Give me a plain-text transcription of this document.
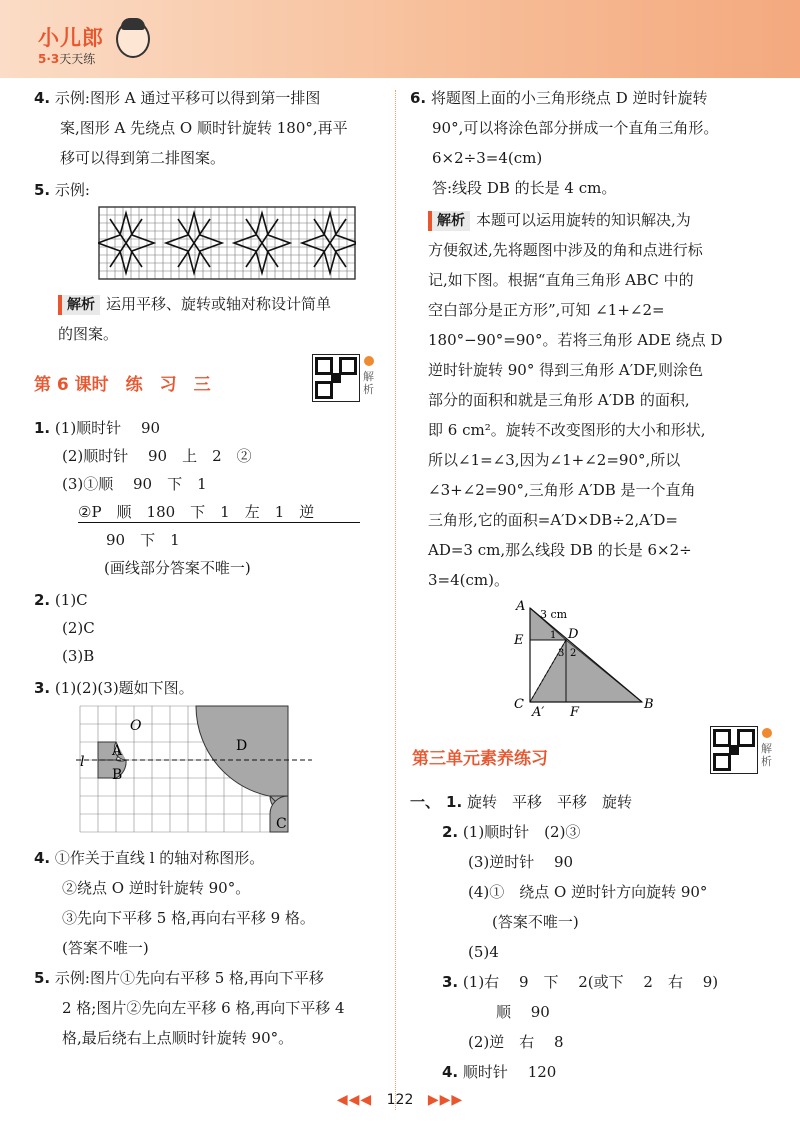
小儿郎
5·3天天练
4. 示例:图形 A 通过平移可以得到第一排图
案,图形 A 先绕点 O 顺时针旋转 180°,再平
移可以得到第二排图案。
5. 示例:
解析 运用平移、旋转或轴对称设计简单
的图案。
第 6 课时　练　习　三	解析
1. (1)顺时针　 90
(2)顺时针　 90　上　2　②
(3)①顺　 90　下　1
②P　顺　180　下　1　左　1　逆
90　下　1
(画线部分答案不唯一)
2. (1)C
(2)C
(3)B
3. (1)(2)(3)题如下图。
A
B
C
D
O
l
4. ①作关于直线 l 的轴对称图形。
②绕点 O 逆时针旋转 90°。
③先向下平移 5 格,再向右平移 9 格。
(答案不唯一)
5. 示例:图片①先向右平移 5 格,再向下平移
2 格;图片②先向左平移 6 格,再向下平移 4
格,最后绕右上点顺时针旋转 90°。
6. 将题图上面的小三角形绕点 D 逆时针旋转
90°,可以将涂色部分拼成一个直角三角形。
6×2÷3=4(cm)
答:线段 DB 的长是 4 cm。
解析 本题可以运用旋转的知识解决,为
方便叙述,先将题图中涉及的角和点进行标
记,如下图。根据“直角三角形 ABC 中的
空白部分是正方形”,可知 ∠1+∠2=
180°−90°=90°。若将三角形 ADE 绕点 D
逆时针旋转 90° 得到三角形 A′DF,则涂色
部分的面积和就是三角形 A′DB 的面积,
即 6 cm²。旋转不改变图形的大小和形状,
所以∠1=∠3,因为∠1+∠2=90°,所以
∠3+∠2=90°,三角形 A′DB 是一个直角
三角形,它的面积=A′D×DB÷2,A′D=
AD=3 cm,那么线段 DB 的长是 6×2÷
3=4(cm)。
A
E
C
A′ F
B
D
3 cm
1
2
3
第三单元素养练习
解析
一、 1. 旋转　平移　平移　旋转
2. (1)顺时针　(2)③
(3)逆时针　 90
(4)①　绕点 O 逆时针方向旋转 90°
(答案不唯一)
(5)4
3. (1)右　 9　下　 2(或下　 2　右　 9)
顺　 90
(2)逆　右　 8
4. 顺时针　 120
◀◀◀ 122 ▶▶▶
